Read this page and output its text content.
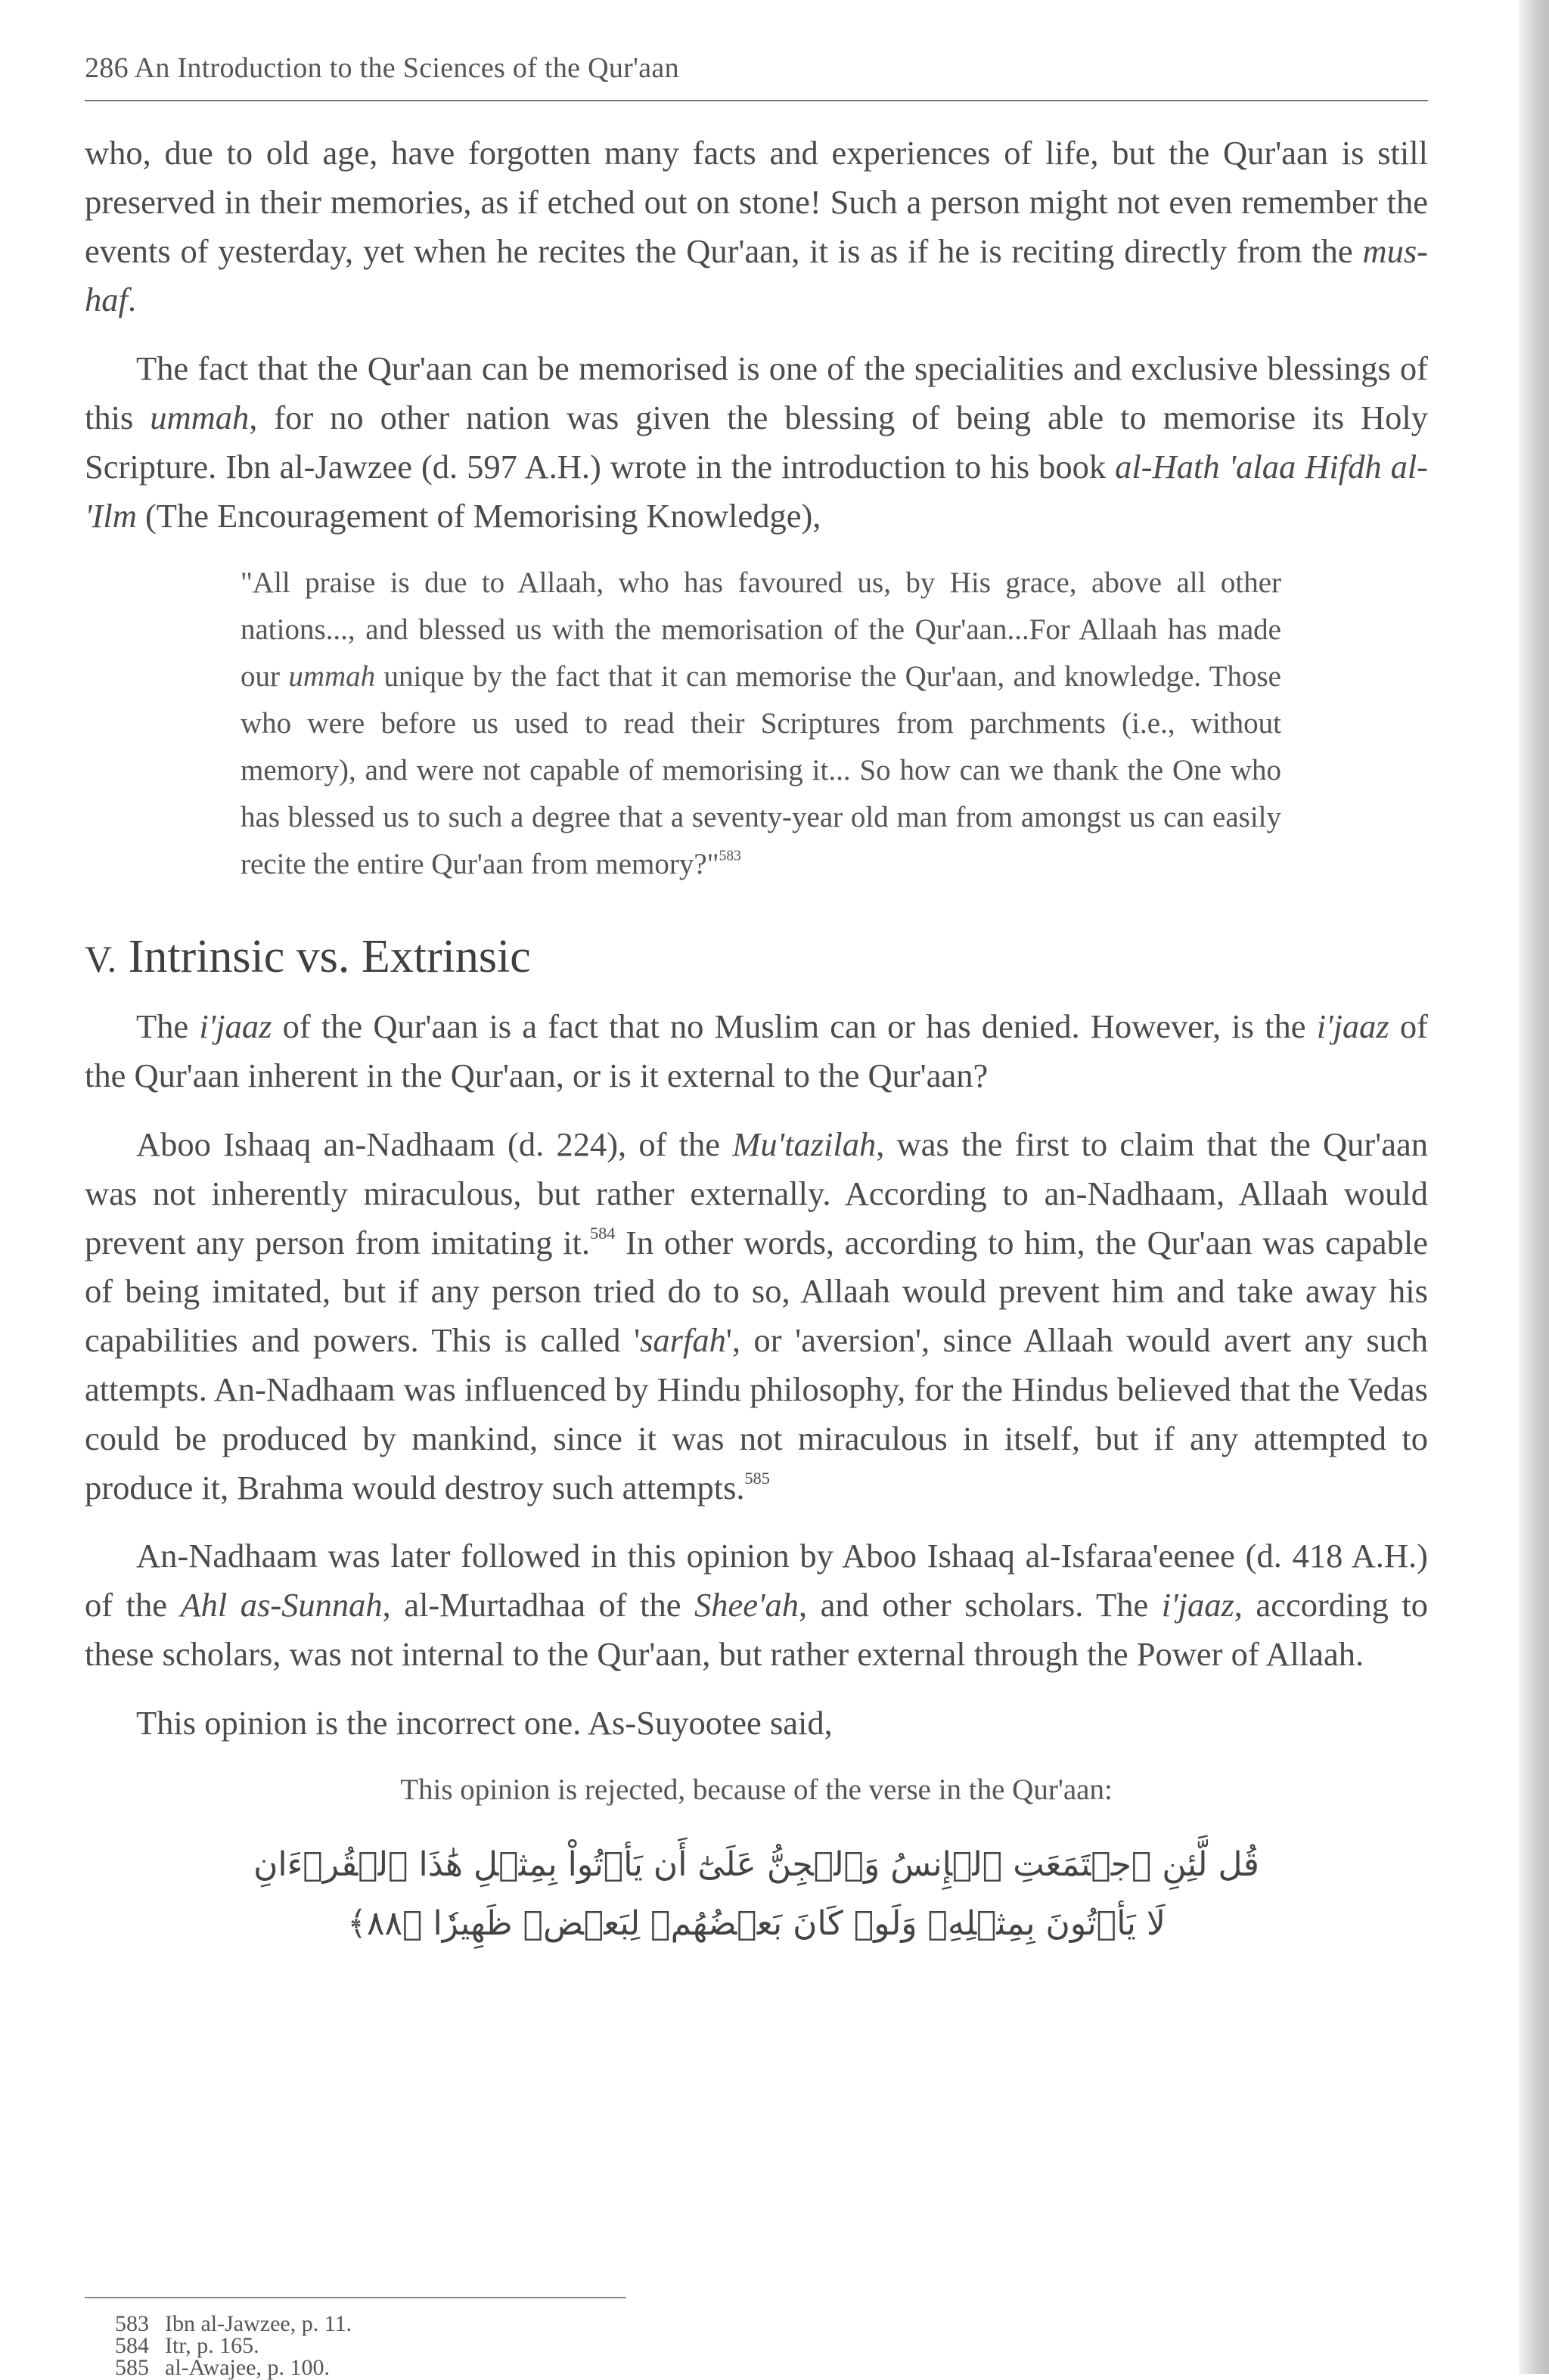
286 An Introduction to the Sciences of the Qur'aan

who, due to old age, have forgotten many facts and experiences of life, but the Qur'aan is still preserved in their memories, as if etched out on stone! Such a person might not even remember the events of yesterday, yet when he recites the Qur'aan, it is as if he is reciting directly from the mus-haf.

The fact that the Qur'aan can be memorised is one of the specialities and exclusive blessings of this ummah, for no other nation was given the blessing of being able to memorise its Holy Scripture. Ibn al-Jawzee (d. 597 A.H.) wrote in the introduction to his book al-Hath 'alaa Hifdh al-'Ilm (The Encouragement of Memorising Knowledge),

"All praise is due to Allaah, who has favoured us, by His grace, above all other nations..., and blessed us with the memorisation of the Qur'aan...For Allaah has made our ummah unique by the fact that it can memorise the Qur'aan, and knowledge. Those who were before us used to read their Scriptures from parchments (i.e., without memory), and were not capable of memorising it... So how can we thank the One who has blessed us to such a degree that a seventy-year old man from amongst us can easily recite the entire Qur'aan from memory?"$^{583}$
V. Intrinsic vs. Extrinsic

The i'jaaz of the Qur'aan is a fact that no Muslim can or has denied. However, is the i'jaaz of the Qur'aan inherent in the Qur'aan, or is it external to the Qur'aan?

Aboo Ishaaq an-Nadhaam (d. 224), of the Mu'tazilah, was the first to claim that the Qur'aan was not inherently miraculous, but rather externally. According to an-Nadhaam, Allaah would prevent any person from imitating it.$^{584}$ In other words, according to him, the Qur'aan was capable of being imitated, but if any person tried do to so, Allaah would prevent him and take away his capabilities and powers. This is called 'sarfah', or 'aversion', since Allaah would avert any such attempts. An-Nadhaam was influenced by Hindu philosophy, for the Hindus believed that the Vedas could be produced by mankind, since it was not miraculous in itself, but if any attempted to produce it, Brahma would destroy such attempts.$^{585}$

An-Nadhaam was later followed in this opinion by Aboo Ishaaq al-Isfaraa'eenee (d. 418 A.H.) of the Ahl as-Sunnah, al-Murtadhaa of the Shee'ah, and other scholars. The i'jaaz, according to these scholars, was not internal to the Qur'aan, but rather external through the Power of Allaah.

This opinion is the incorrect one. As-Suyootee said,

This opinion is rejected, because of the verse in the Qur'aan:
قُل لَّئِنِ ٱجۡتَمَعَتِ ٱلۡإِنسُ وَٱلۡجِنُّ عَلَىٰٓ أَن يَأۡتُواْ بِمِثۡلِ هَٰذَا ٱلۡقُرۡءَانِ
لَا يَأۡتُونَ بِمِثۡلِهِۦ وَلَوۡ كَانَ بَعۡضُهُمۡ لِبَعۡضٖ ظَهِيرٗا ﴿٨٨﴾
583 Ibn al-Jawzee, p. 11.
584 Itr, p. 165.
585 al-Awajee, p. 100.
